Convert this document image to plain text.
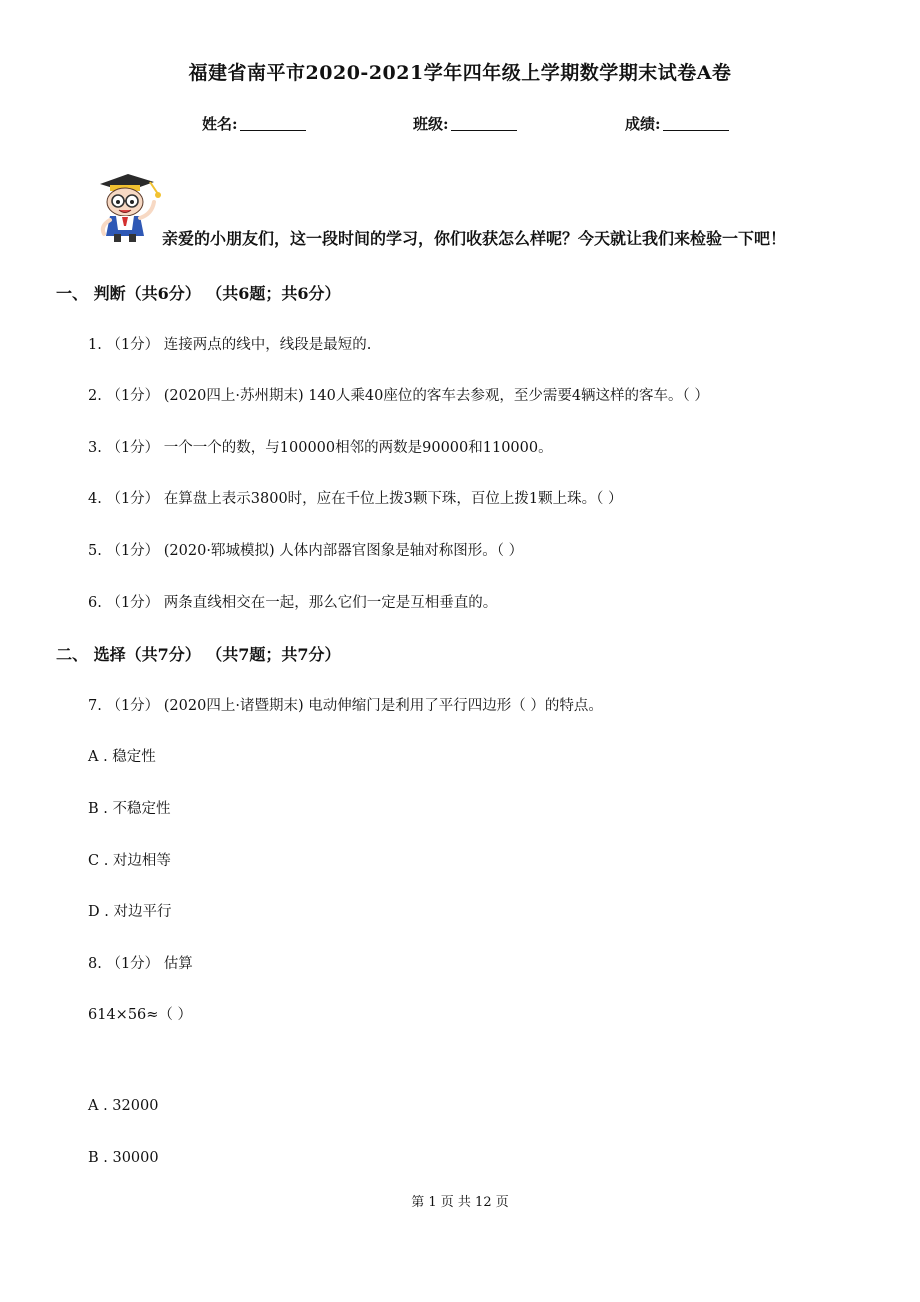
福建省南平市2020-2021学年四年级上学期数学期末试卷A卷
姓名:	班级:	成绩:
亲爱的小朋友们，这一段时间的学习，你们收获怎么样呢？今天就让我们来检验一下吧！
一、 判断（共6分） （共6题；共6分）
1. （1分） 连接两点的线中，线段是最短的.
2. （1分） (2020四上·苏州期末) 140人乘40座位的客车去参观，至少需要4辆这样的客车。（ ）
3. （1分） 一个一个的数，与100000相邻的两数是90000和110000。
4. （1分） 在算盘上表示3800时，应在千位上拨3颗下珠，百位上拨1颗上珠。（ ）
5. （1分） (2020·郓城模拟) 人体内部器官图象是轴对称图形。（ ）
6. （1分） 两条直线相交在一起，那么它们一定是互相垂直的。
二、 选择（共7分） （共7题；共7分）
7. （1分） (2020四上·诸暨期末) 电动伸缩门是利用了平行四边形（ ）的特点。
A . 稳定性
B . 不稳定性
C . 对边相等
D . 对边平行
8. （1分） 估算
614×56≈（ ）
A . 32000
B . 30000
第 1 页 共 12 页
